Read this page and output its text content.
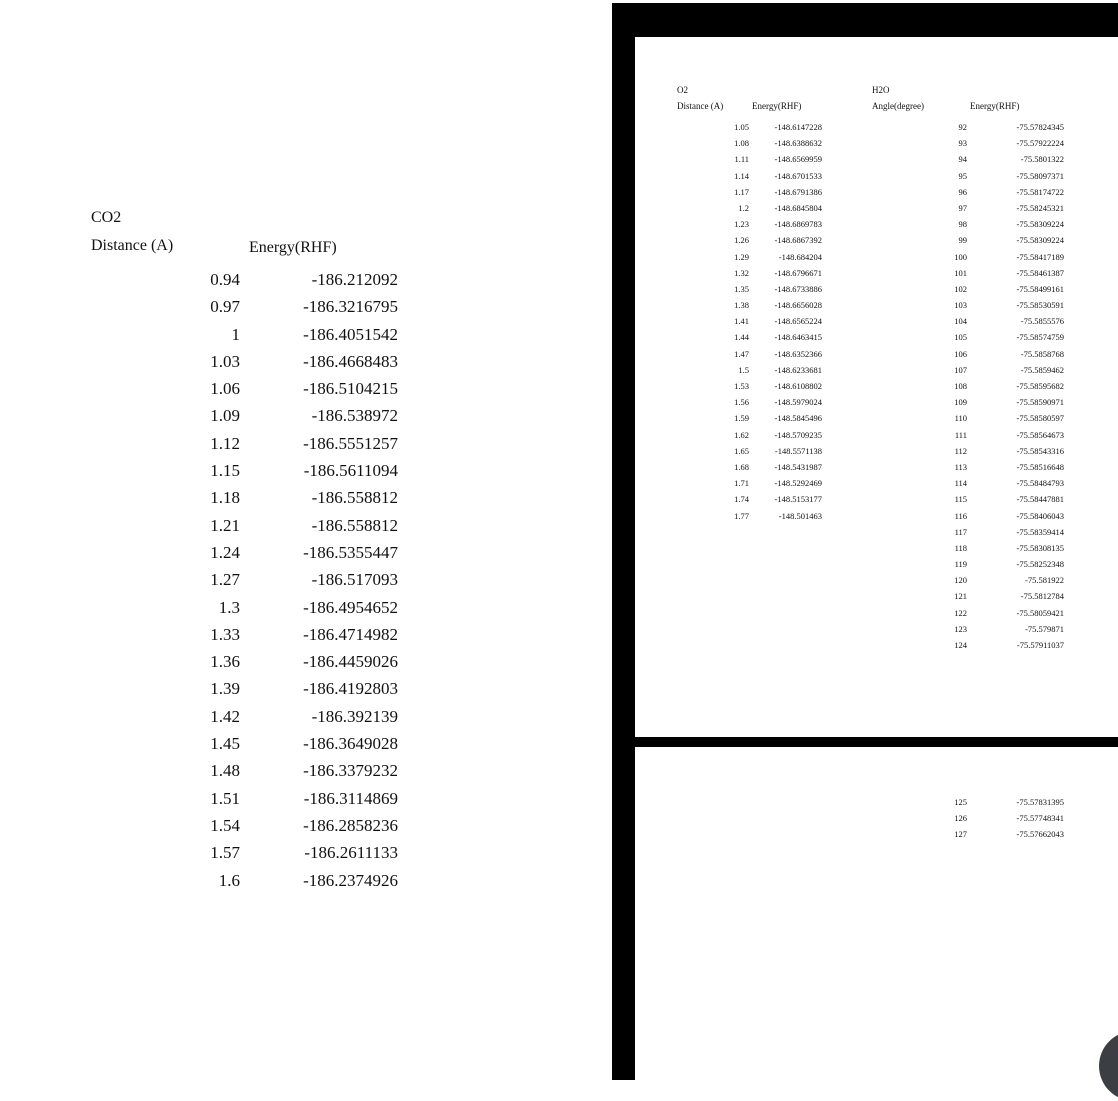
CO2
Distance (A)	Energy(RHF)
0.94	-186.212092
0.97	-186.3216795
1	-186.4051542
1.03	-186.4668483
1.06	-186.5104215
1.09	-186.538972
1.12	-186.5551257
1.15	-186.5611094
1.18	-186.558812
1.21	-186.558812
1.24	-186.5355447
1.27	-186.517093
1.3	-186.4954652
1.33	-186.4714982
1.36	-186.4459026
1.39	-186.4192803
1.42	-186.392139
1.45	-186.3649028
1.48	-186.3379232
1.51	-186.3114869
1.54	-186.2858236
1.57	-186.2611133
1.6	-186.2374926
O2
Distance (A)	Energy(RHF)
H2O
Angle(degree)	Energy(RHF)
1.05	-148.6147228
1.08	-148.6388632
1.11	-148.6569959
1.14	-148.6701533
1.17	-148.6791386
1.2	-148.6845804
1.23	-148.6869783
1.26	-148.6867392
1.29	-148.684204
1.32	-148.6796671
1.35	-148.6733886
1.38	-148.6656028
1.41	-148.6565224
1.44	-148.6463415
1.47	-148.6352366
1.5	-148.6233681
1.53	-148.6108802
1.56	-148.5979024
1.59	-148.5845496
1.62	-148.5709235
1.65	-148.5571138
1.68	-148.5431987
1.71	-148.5292469
1.74	-148.5153177
1.77	-148.501463
92	-75.57824345
93	-75.57922224
94	-75.5801322
95	-75.58097371
96	-75.58174722
97	-75.58245321
98	-75.58309224
99	-75.58309224
100	-75.58417189
101	-75.58461387
102	-75.58499161
103	-75.58530591
104	-75.5855576
105	-75.58574759
106	-75.5858768
107	-75.5859462
108	-75.58595682
109	-75.58590971
110	-75.58580597
111	-75.58564673
112	-75.58543316
113	-75.58516648
114	-75.58484793
115	-75.58447881
116	-75.58406043
117	-75.58359414
118	-75.58308135
119	-75.58252348
120	-75.581922
121	-75.5812784
122	-75.58059421
123	-75.579871
124	-75.57911037
125	-75.57831395
126	-75.57748341
127	-75.57662043
